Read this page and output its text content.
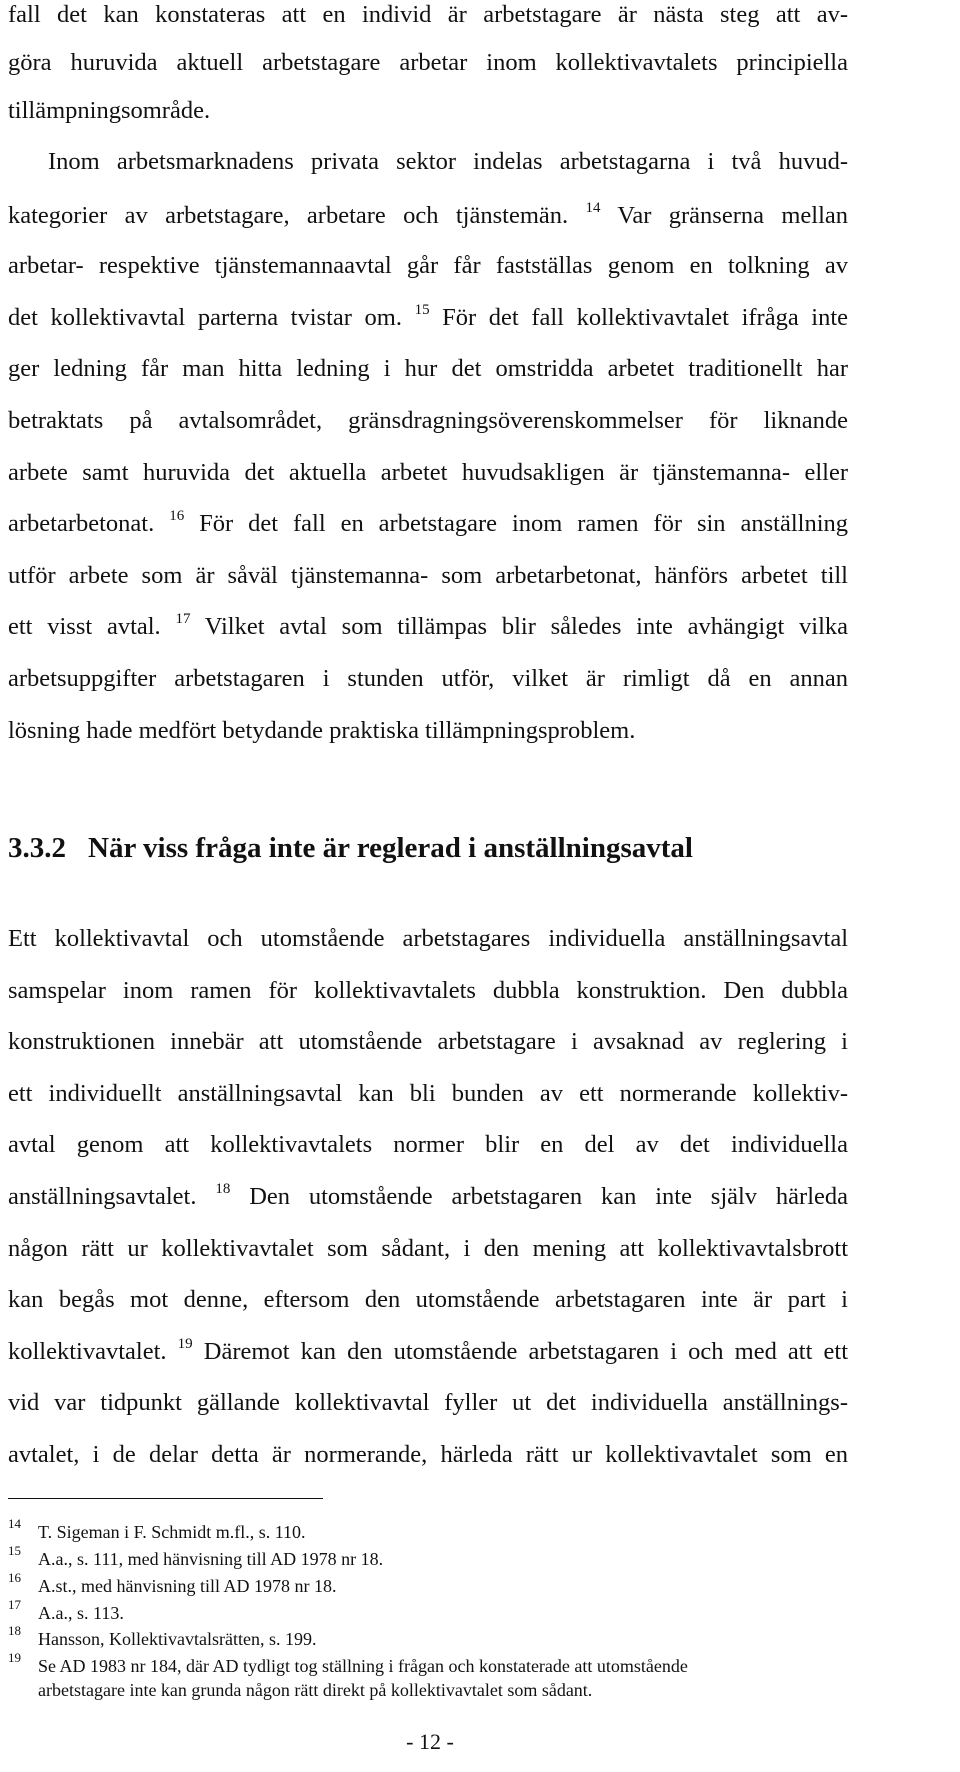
fall det kan konstateras att en individ är arbetstagare är nästa steg att av-
göra huruvida aktuell arbetstagare arbetar inom kollektivavtalets principiella
tillämpningsområde.
Inom arbetsmarknadens privata sektor indelas arbetstagarna i två huvud-
kategorier av arbetstagare, arbetare och tjänstemän. $^{14}$ Var gränserna mellan
arbetar- respektive tjänstemannaavtal går får fastställas genom en tolkning av
det kollektivavtal parterna tvistar om. $^{15}$ För det fall kollektivavtalet ifråga inte
ger ledning får man hitta ledning i hur det omstridda arbetet traditionellt har
betraktats på avtalsområdet, gränsdragningsöverenskommelser för liknande
arbete samt huruvida det aktuella arbetet huvudsakligen är tjänstemanna- eller
arbetarbetonat. $^{16}$ För det fall en arbetstagare inom ramen för sin anställning
utför arbete som är såväl tjänstemanna- som arbetarbetonat, hänförs arbetet till
ett visst avtal. $^{17}$ Vilket avtal som tillämpas blir således inte avhängigt vilka
arbetsuppgifter arbetstagaren i stunden utför, vilket är rimligt då en annan
lösning hade medfört betydande praktiska tillämpningsproblem.
3.3.2 När viss fråga inte är reglerad i anställningsavtal
Ett kollektivavtal och utomstående arbetstagares individuella anställningsavtal
samspelar inom ramen för kollektivavtalets dubbla konstruktion. Den dubbla
konstruktionen innebär att utomstående arbetstagare i avsaknad av reglering i
ett individuellt anställningsavtal kan bli bunden av ett normerande kollektiv-
avtal genom att kollektivavtalets normer blir en del av det individuella
anställningsavtalet. $^{18}$ Den utomstående arbetstagaren kan inte själv härleda
någon rätt ur kollektivavtalet som sådant, i den mening att kollektivavtalsbrott
kan begås mot denne, eftersom den utomstående arbetstagaren inte är part i
kollektivavtalet. $^{19}$ Däremot kan den utomstående arbetstagaren i och med att ett
vid var tidpunkt gällande kollektivavtal fyller ut det individuella anställnings-
avtalet, i de delar detta är normerande, härleda rätt ur kollektivavtalet som en
14 T. Sigeman i F. Schmidt m.fl., s. 110.
15 A.a., s. 111, med hänvisning till AD 1978 nr 18.
16 A.st., med hänvisning till AD 1978 nr 18.
17 A.a., s. 113.
18 Hansson, Kollektivavtalsrätten, s. 199.
19 Se AD 1983 nr 184, där AD tydligt tog ställning i frågan och konstaterade att utomstående
arbetstagare inte kan grunda någon rätt direkt på kollektivavtalet som sådant.
- 12 -
